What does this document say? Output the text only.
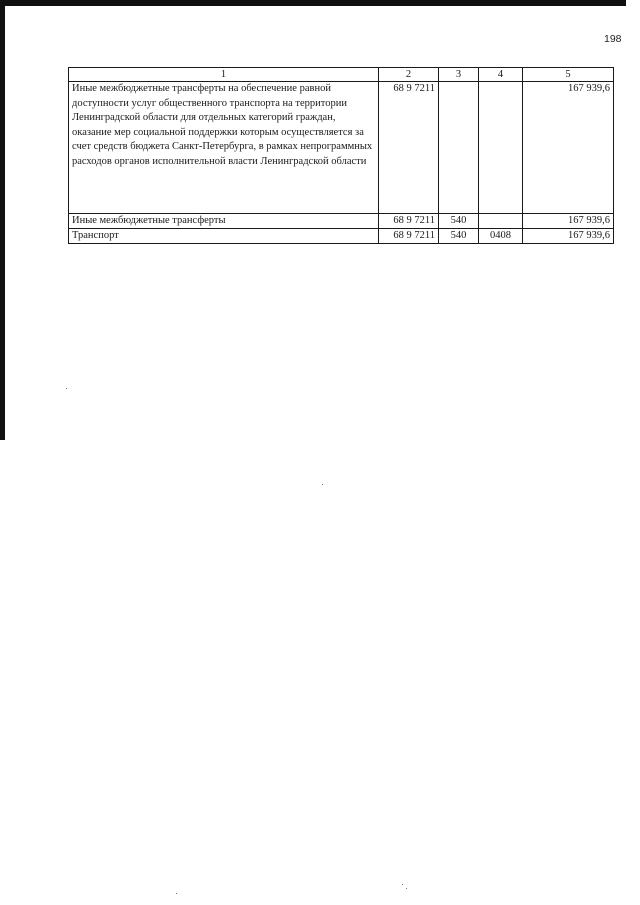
198
1	2	3	4	5
Иные межбюджетные трансферты на обеспечение равной доступности услуг общественного транспорта на территории Ленинградской области для отдельных категорий граждан, оказание мер социальной поддержки которым осуществляется за счет средств бюджета Санкт-Петербурга, в рамках непрограммных расходов органов исполнительной власти Ленинградской области	68 9 7211			167 939,6
Иные межбюджетные трансферты	68 9 7211	540		167 939,6
Транспорт	68 9 7211	540	0408	167 939,6
